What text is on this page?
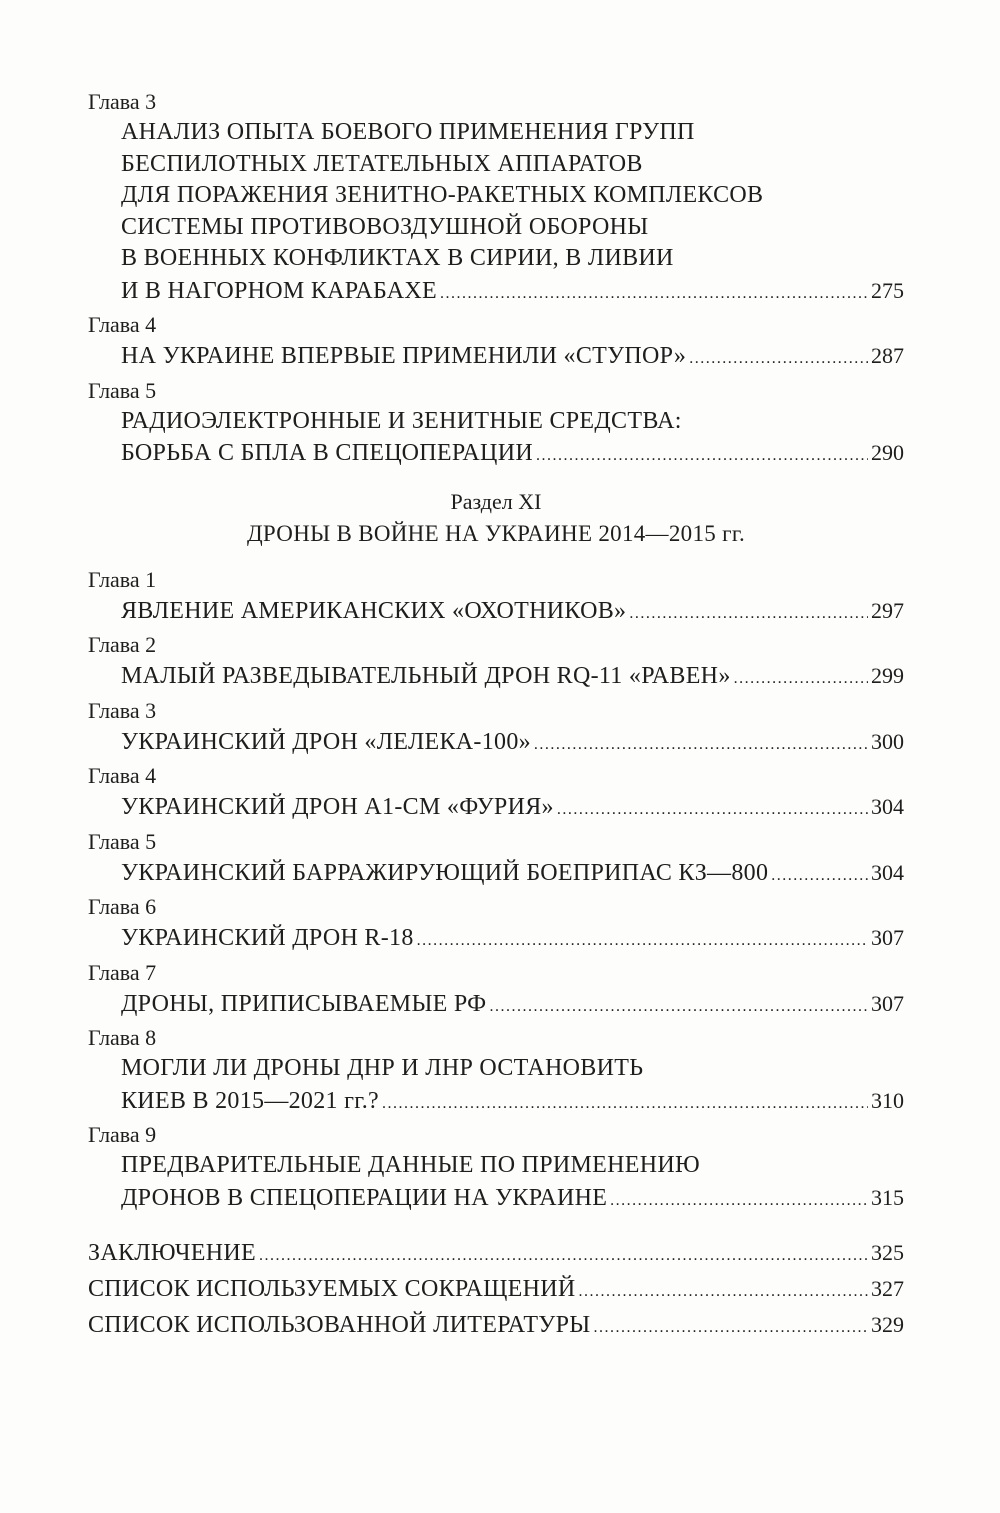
Глава 3
АНАЛИЗ ОПЫТА БОЕВОГО ПРИМЕНЕНИЯ ГРУПП
БЕСПИЛОТНЫХ ЛЕТАТЕЛЬНЫХ АППАРАТОВ
ДЛЯ ПОРАЖЕНИЯ ЗЕНИТНО-РАКЕТНЫХ КОМПЛЕКСОВ
СИСТЕМЫ ПРОТИВОВОЗДУШНОЙ ОБОРОНЫ
В ВОЕННЫХ КОНФЛИКТАХ В СИРИИ, В ЛИВИИ
И В НАГОРНОМ КАРАБАХЕ .....	275
Глава 4
НА УКРАИНЕ ВПЕРВЫЕ ПРИМЕНИЛИ «СТУПОР» .....	287
Глава 5
РАДИОЭЛЕКТРОННЫЕ И ЗЕНИТНЫЕ СРЕДСТВА:
БОРЬБА С БПЛА В СПЕЦОПЕРАЦИИ .....	290
Раздел XI
ДРОНЫ В ВОЙНЕ НА УКРАИНЕ 2014—2015 гг.
Глава 1
ЯВЛЕНИЕ АМЕРИКАНСКИХ «ОХОТНИКОВ» .....	297
Глава 2
МАЛЫЙ РАЗВЕДЫВАТЕЛЬНЫЙ ДРОН RQ-11 «РАВЕН» .....	299
Глава 3
УКРАИНСКИЙ ДРОН «ЛЕЛЕКА-100» .....	300
Глава 4
УКРАИНСКИЙ ДРОН А1-СМ «ФУРИЯ» .....	304
Глава 5
УКРАИНСКИЙ БАРРАЖИРУЮЩИЙ БОЕПРИПАС КЗ—800 .....	304
Глава 6
УКРАИНСКИЙ ДРОН R-18 .....	307
Глава 7
ДРОНЫ, ПРИПИСЫВАЕМЫЕ РФ .....	307
Глава 8
МОГЛИ ЛИ ДРОНЫ ДНР И ЛНР ОСТАНОВИТЬ
КИЕВ В 2015—2021 гг.? .....	310
Глава 9
ПРЕДВАРИТЕЛЬНЫЕ ДАННЫЕ ПО ПРИМЕНЕНИЮ
ДРОНОВ В СПЕЦОПЕРАЦИИ НА УКРАИНЕ .....	315
ЗАКЛЮЧЕНИЕ .....	325
СПИСОК ИСПОЛЬЗУЕМЫХ СОКРАЩЕНИЙ .....	327
СПИСОК ИСПОЛЬЗОВАННОЙ ЛИТЕРАТУРЫ .....	329
